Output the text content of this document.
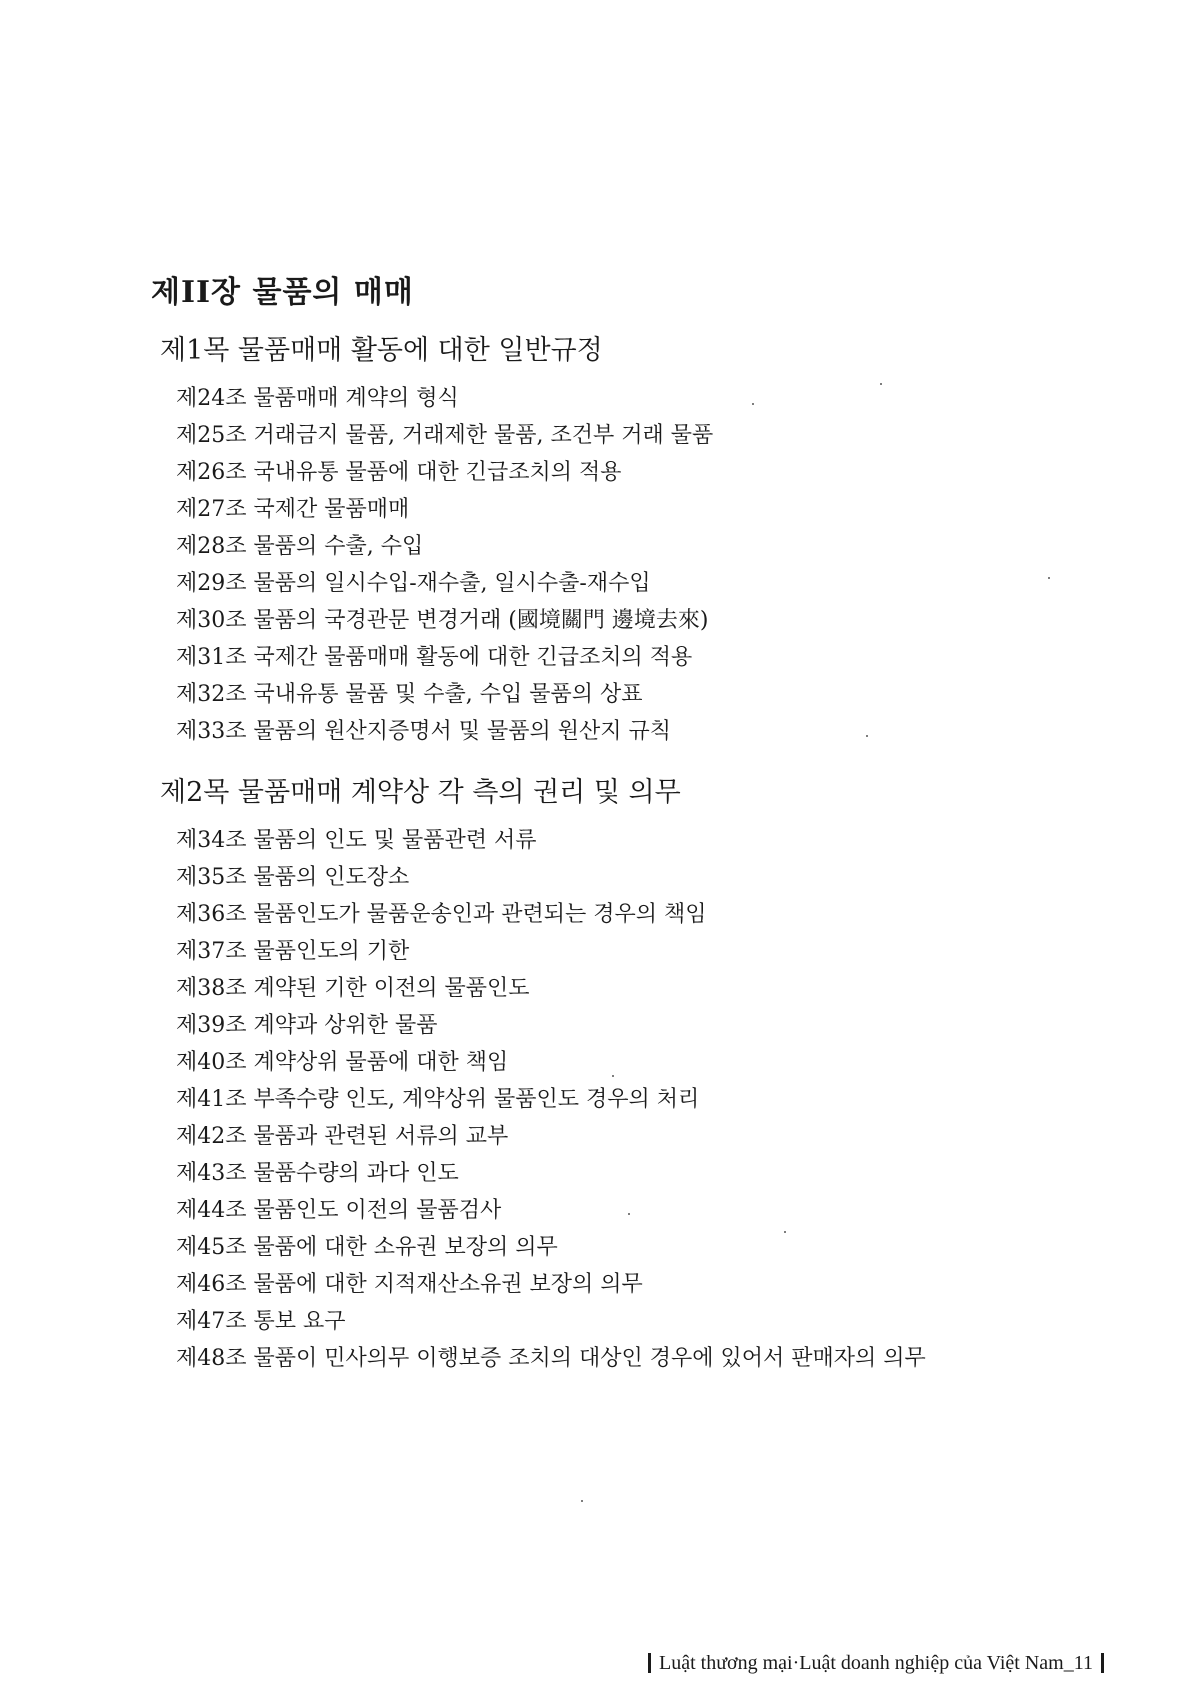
제II장 물품의 매매
제1목 물품매매 활동에 대한 일반규정
제24조 물품매매 계약의 형식
제25조 거래금지 물품, 거래제한 물품, 조건부 거래 물품
제26조 국내유통 물품에 대한 긴급조치의 적용
제27조 국제간 물품매매
제28조 물품의 수출, 수입
제29조 물품의 일시수입-재수출, 일시수출-재수입
제30조 물품의 국경관문 변경거래 (國境關門 邊境去來)
제31조 국제간 물품매매 활동에 대한 긴급조치의 적용
제32조 국내유통 물품 및 수출, 수입 물품의 상표
제33조 물품의 원산지증명서 및 물품의 원산지 규칙
제2목 물품매매 계약상 각 측의 권리 및 의무
제34조 물품의 인도 및 물품관련 서류
제35조 물품의 인도장소
제36조 물품인도가 물품운송인과 관련되는 경우의 책임
제37조 물품인도의 기한
제38조 계약된 기한 이전의 물품인도
제39조 계약과 상위한 물품
제40조 계약상위 물품에 대한 책임
제41조 부족수량 인도, 계약상위 물품인도 경우의 처리
제42조 물품과 관련된 서류의 교부
제43조 물품수량의 과다 인도
제44조 물품인도 이전의 물품검사
제45조 물품에 대한 소유권 보장의 의무
제46조 물품에 대한 지적재산소유권 보장의 의무
제47조 통보 요구
제48조 물품이 민사의무 이행보증 조치의 대상인 경우에 있어서 판매자의 의무
Luật thương mại·Luật doanh nghiệp của Việt Nam_11
